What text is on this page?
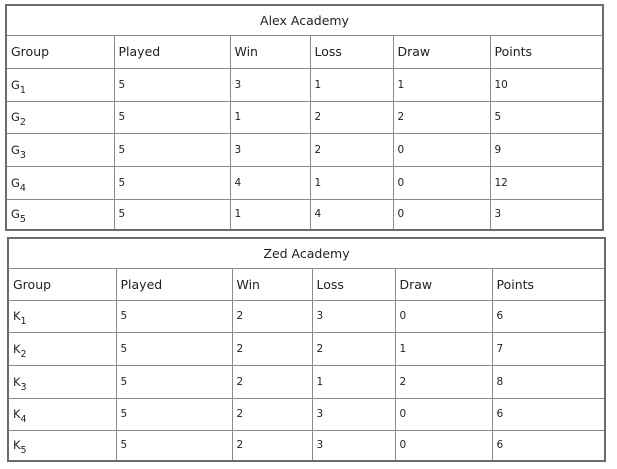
Alex Academy					
Group	Played	Win	Loss	Draw	Points
$G_1$	5	3	1	1	10
$G_2$	5	1	2	2	5
$G_3$	5	3	2	0	9
$G_4$	5	4	1	0	12
$G_5$	5	1	4	0	3
Zed Academy					
Group	Played	Win	Loss	Draw	Points
$K_1$	5	2	3	0	6
$K_2$	5	2	2	1	7
$K_3$	5	2	1	2	8
$K_4$	5	2	3	0	6
$K_5$	5	2	3	0	6
